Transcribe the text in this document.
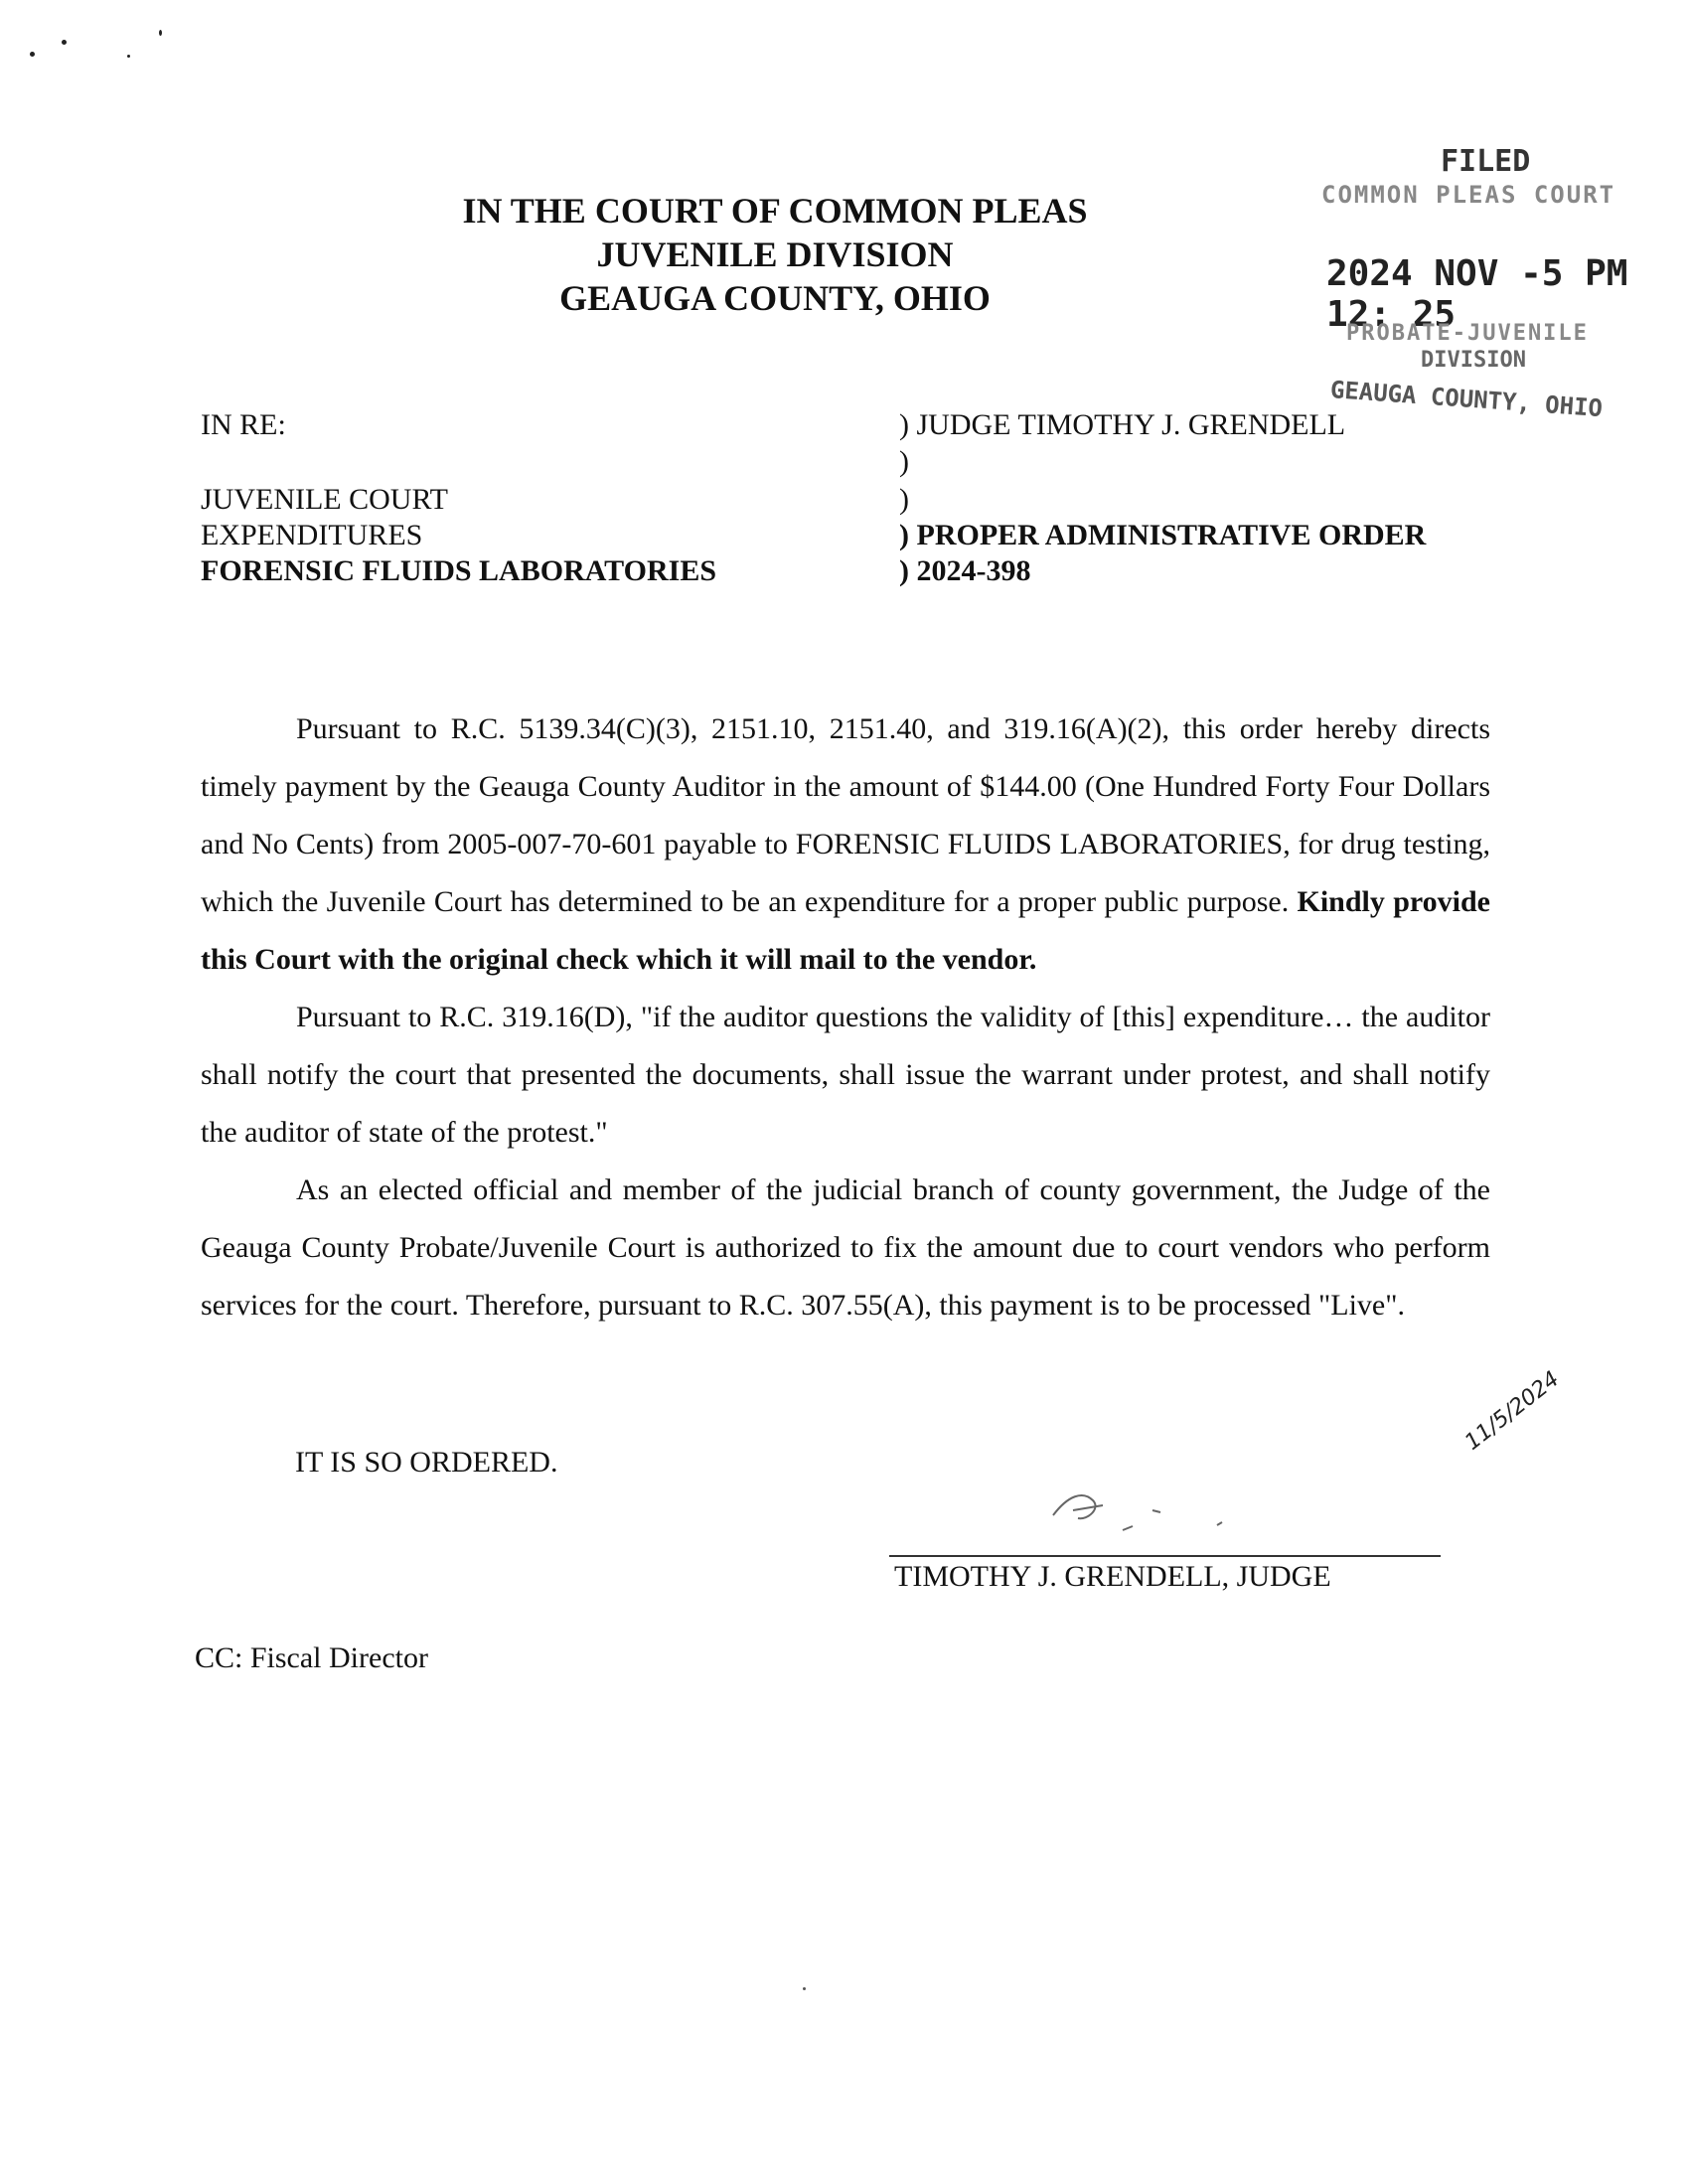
IN THE COURT OF COMMON PLEAS
JUVENILE DIVISION
GEAUGA COUNTY, OHIO
FILED
COMMON PLEAS COURT
2024 NOV -5 PM 12: 25
PROBATE-JUVENILE
DIVISION
GEAUGA COUNTY, OHIO
IN RE:
JUVENILE COURT
EXPENDITURES
FORENSIC FLUIDS LABORATORIES
) JUDGE TIMOTHY J. GRENDELL
)
)
) PROPER ADMINISTRATIVE ORDER
) 2024-398

Pursuant to R.C. 5139.34(C)(3), 2151.10, 2151.40, and 319.16(A)(2), this order hereby directs timely payment by the Geauga County Auditor in the amount of $144.00 (One Hundred Forty Four Dollars and No Cents) from 2005-007-70-601 payable to FORENSIC FLUIDS LABORATORIES, for drug testing, which the Juvenile Court has determined to be an expenditure for a proper public purpose. Kindly provide this Court with the original check which it will mail to the vendor.

Pursuant to R.C. 319.16(D), "if the auditor questions the validity of [this] expenditure… the auditor shall notify the court that presented the documents, shall issue the warrant under protest, and shall notify the auditor of state of the protest."

As an elected official and member of the judicial branch of county government, the Judge of the Geauga County Probate/Juvenile Court is authorized to fix the amount due to court vendors who perform services for the court. Therefore, pursuant to R.C. 307.55(A), this payment is to be processed "Live".

IT IS SO ORDERED.
11/5/2024
TIMOTHY J. GRENDELL, JUDGE
CC: Fiscal Director
